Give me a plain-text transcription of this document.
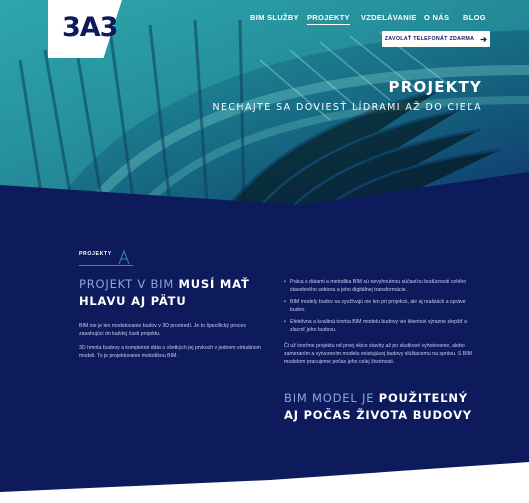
3A3	BIM SLUŽBY PROJEKTY VZDELÁVANIE O NÁS BLOG
ZAVOLAŤ TELEFONÁT ZDARMA ➔
PROJEKTY
NECHAJTE SA DOVIESŤ LÍDRAMI AŽ DO CIEĽA
PROJEKTY
PROJEKT V BIM MUSÍ MAŤ
HLAVU AJ PÄTU
BIM nie je len modelovanie budov v 3D prostredí. Je to špecifický proces zasahujúci do každej časti projektu.
3D hmota budovy a kompletné dáta o všetkých jej prvkoch v jednom virtuálnom modeli. To je projektovanie metodikou BIM.
• Práca s dátami a metodika BIM sú nevyhnutnou súčasťou budúcnosti celého stavebného sektora a jeho digitálnej transformácie.
• BIM modely budov sa využívajú nie len pri projekcii, ale aj realizácii a správe budov.
• Efektívna a kvalitná tvorba BIM modelu budovy vie klientovi výrazne zlepšiť a zlacniť jeho budovu.
Či už tvoríme projektu od prvej skice stavby až po skutkové vyhotovenie, alebo zameraním a vytvorením modelu existujúcej budovy slúžiacemu na správu. S BIM modelom pracujeme počas jeho celej životnosti.
BIM MODEL JE POUŽITEĽNÝ
AJ POČAS ŽIVOTA BUDOVY
